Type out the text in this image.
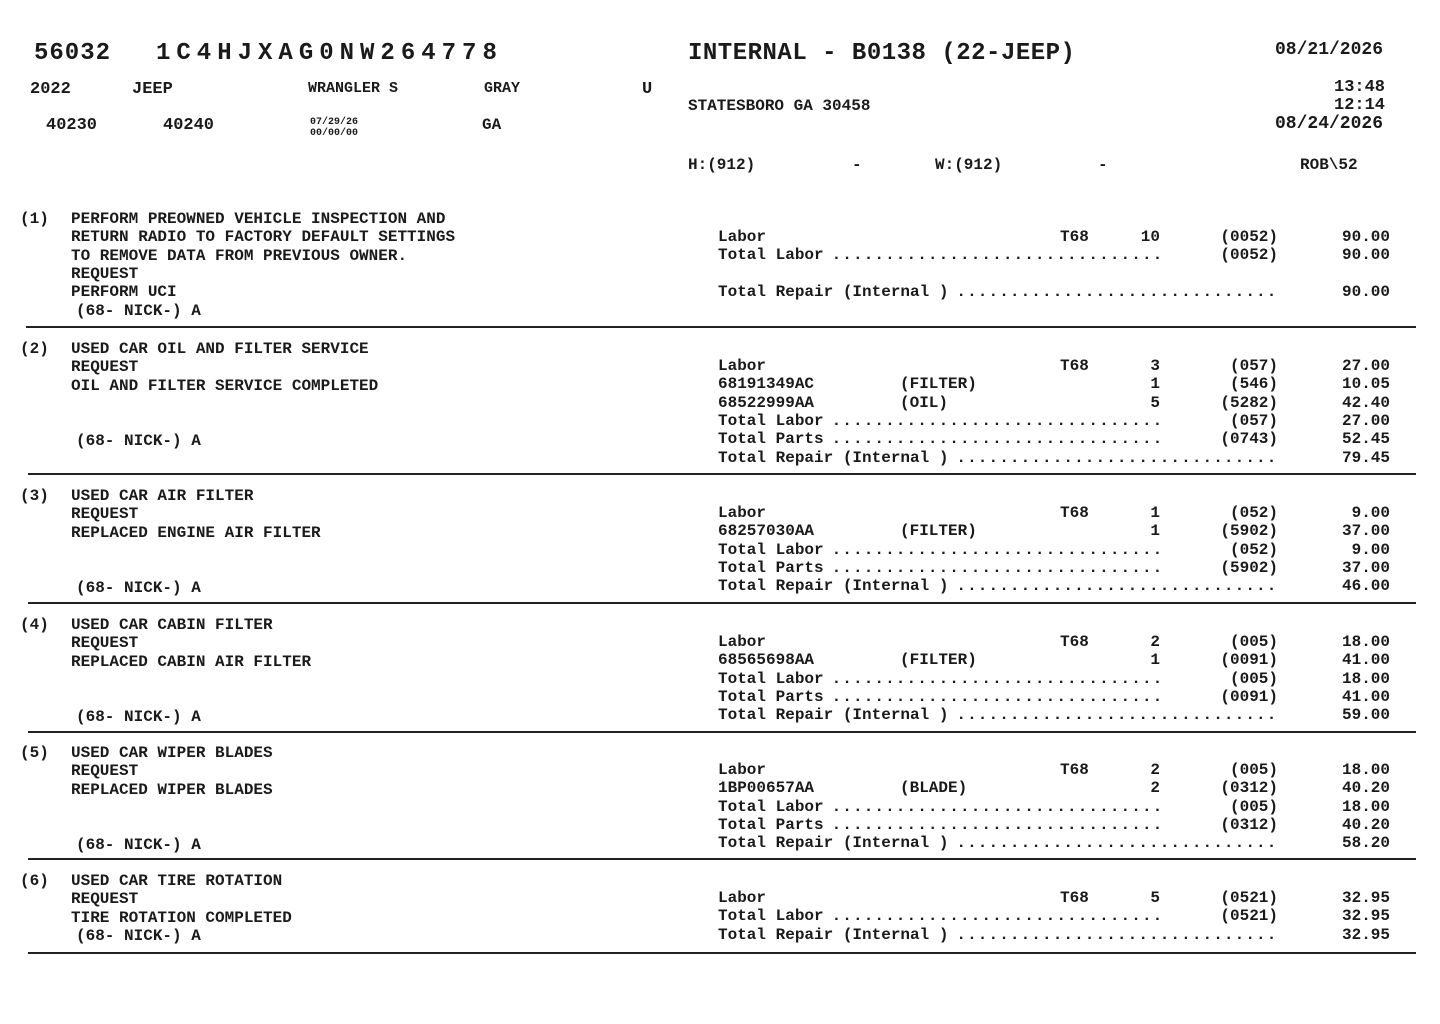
56032 1C4HJXAG0NW264778	INTERNAL - B0138 (22-JEEP)	08/21/2026
2022	JEEP	WRANGLER S	GRAY	U
STATESBORO GA 30458
13:48
12:14
08/24/2026
40230	40240	07/29/26
00/00/00	GA
H:(912)	-	W:(912)	-	ROB\52
(1) PERFORM PREOWNED VEHICLE INSPECTION AND
RETURN RADIO TO FACTORY DEFAULT SETTINGS
TO REMOVE DATA FROM PREVIOUS OWNER.
REQUEST
PERFORM UCI
(68- NICK-) A
Labor	T68	10	(0052)	90.00
Total Labor ...............................	(0052)	90.00
Total Repair (Internal ) ..............................	90.00
(2) USED CAR OIL AND FILTER SERVICE
REQUEST
OIL AND FILTER SERVICE COMPLETED
(68- NICK-) A
Labor	T68	3	(057)	27.00
68191349AC	(FILTER)	1	(546)	10.05
68522999AA	(OIL)	5	(5282)	42.40
Total Labor ...............................	(057)	27.00
Total Parts ...............................	(0743)	52.45
Total Repair (Internal ) ..............................	79.45
(3) USED CAR AIR FILTER
REQUEST
REPLACED ENGINE AIR FILTER
(68- NICK-) A
Labor	T68	1	(052)	9.00
68257030AA	(FILTER)	1	(5902)	37.00
Total Labor ...............................	(052)	9.00
Total Parts ...............................	(5902)	37.00
Total Repair (Internal ) ..............................	46.00
(4) USED CAR CABIN FILTER
REQUEST
REPLACED CABIN AIR FILTER
(68- NICK-) A
Labor	T68	2	(005)	18.00
68565698AA	(FILTER)	1	(0091)	41.00
Total Labor ...............................	(005)	18.00
Total Parts ...............................	(0091)	41.00
Total Repair (Internal ) ..............................	59.00
(5) USED CAR WIPER BLADES
REQUEST
REPLACED WIPER BLADES
(68- NICK-) A
Labor	T68	2	(005)	18.00
1BP00657AA	(BLADE)	2	(0312)	40.20
Total Labor ...............................	(005)	18.00
Total Parts ...............................	(0312)	40.20
Total Repair (Internal ) ..............................	58.20
(6) USED CAR TIRE ROTATION
REQUEST
TIRE ROTATION COMPLETED
(68- NICK-) A
Labor	T68	5	(0521)	32.95
Total Labor ...............................	(0521)	32.95
Total Repair (Internal ) ..............................	32.95
